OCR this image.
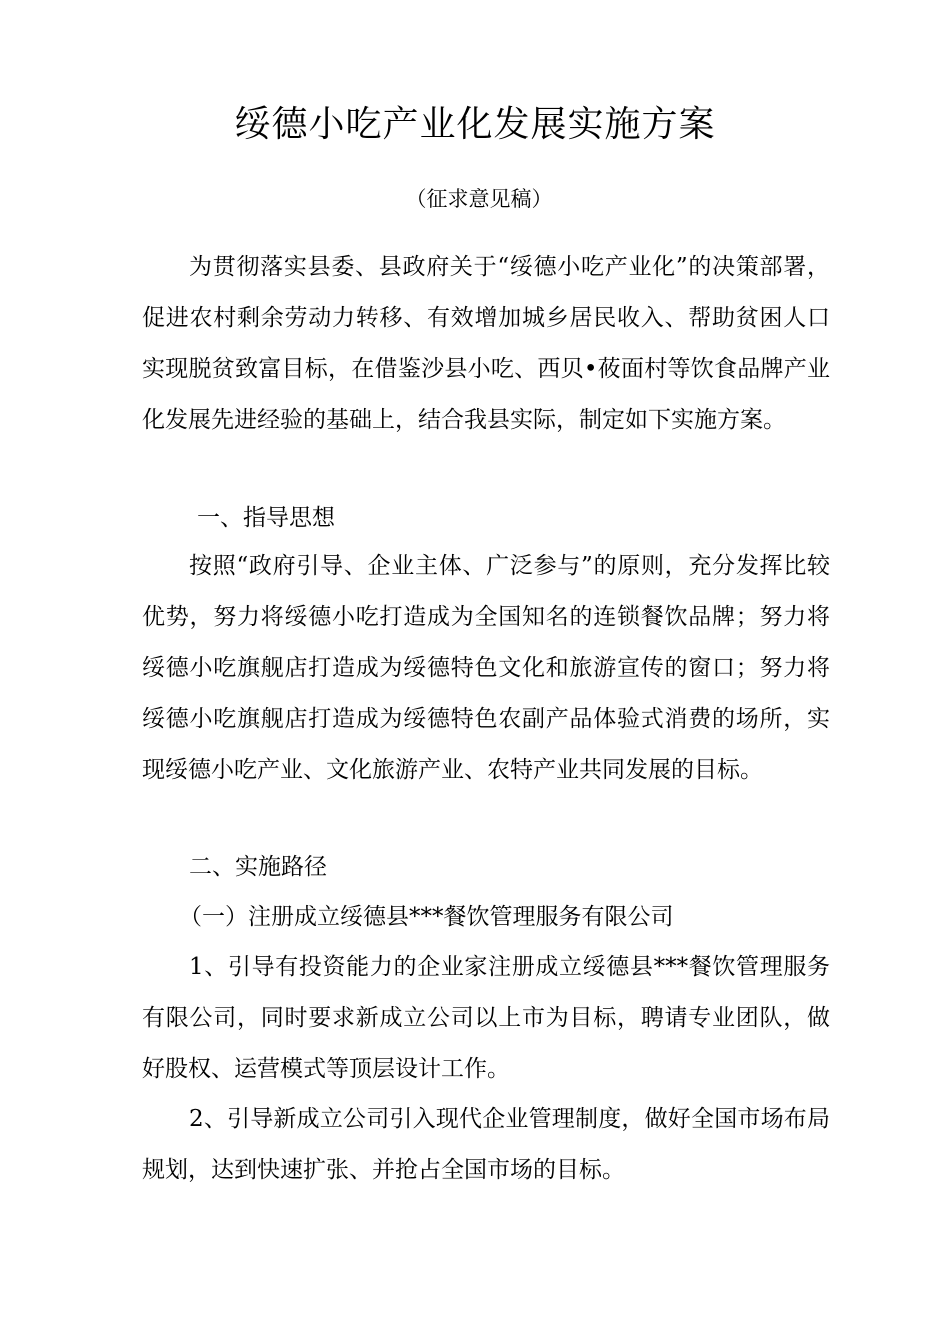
绥德小吃产业化发展实施方案
（征求意见稿）

为贯彻落实县委、县政府关于“绥德小吃产业化”的决策部署，促进农村剩余劳动力转移、有效增加城乡居民收入、帮助贫困人口实现脱贫致富目标，在借鉴沙县小吃、西贝•莜面村等饮食品牌产业化发展先进经验的基础上，结合我县实际，制定如下实施方案。

一、指导思想

按照“政府引导、企业主体、广泛参与”的原则，充分发挥比较优势，努力将绥德小吃打造成为全国知名的连锁餐饮品牌；努力将绥德小吃旗舰店打造成为绥德特色文化和旅游宣传的窗口；努力将绥德小吃旗舰店打造成为绥德特色农副产品体验式消费的场所，实现绥德小吃产业、文化旅游产业、农特产业共同发展的目标。

二、实施路径
（一）注册成立绥德县***餐饮管理服务有限公司

1、引导有投资能力的企业家注册成立绥德县***餐饮管理服务有限公司，同时要求新成立公司以上市为目标，聘请专业团队，做好股权、运营模式等顶层设计工作。

2、引导新成立公司引入现代企业管理制度，做好全国市场布局规划，达到快速扩张、并抢占全国市场的目标。
